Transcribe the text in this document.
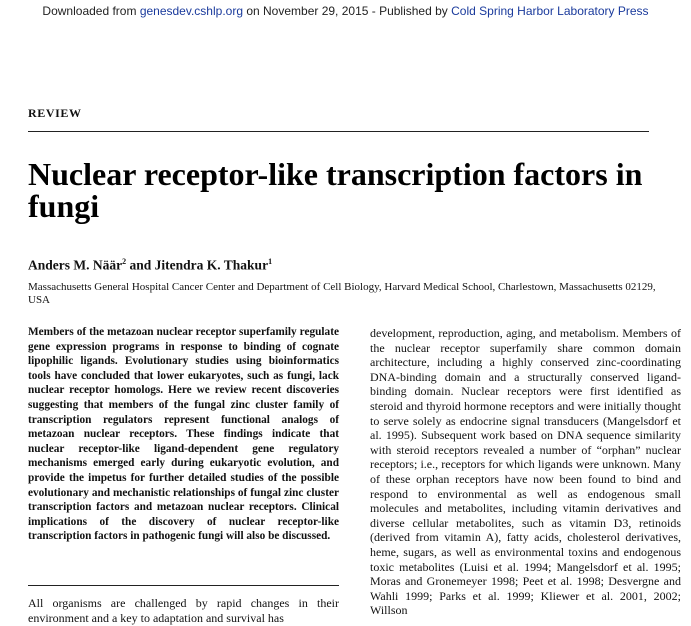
Downloaded from genesdev.cshlp.org on November 29, 2015 - Published by Cold Spring Harbor Laboratory Press
REVIEW
Nuclear receptor-like transcription factors in fungi
Anders M. Näär$^2$ and Jitendra K. Thakur$^1$
Massachusetts General Hospital Cancer Center and Department of Cell Biology, Harvard Medical School, Charlestown, Massachusetts 02129, USA

Members of the metazoan nuclear receptor superfamily regulate gene expression programs in response to binding of cognate lipophilic ligands. Evolutionary studies using bioinformatics tools have concluded that lower eukaryotes, such as fungi, lack nuclear receptor homologs. Here we review recent discoveries suggesting that members of the fungal zinc cluster family of transcription regulators represent functional analogs of metazoan nuclear receptors. These findings indicate that nuclear receptor-like ligand-dependent gene regulatory mechanisms emerged early during eukaryotic evolution, and provide the impetus for further detailed studies of the possible evolutionary and mechanistic relationships of fungal zinc cluster transcription factors and metazoan nuclear receptors. Clinical implications of the discovery of nuclear receptor-like transcription factors in pathogenic fungi will also be discussed.

All organisms are challenged by rapid changes in their environment and a key to adaptation and survival has

development, reproduction, aging, and metabolism. Members of the nuclear receptor superfamily share common domain architecture, including a highly conserved zinc-coordinating DNA-binding domain and a structurally conserved ligand-binding domain. Nuclear receptors were first identified as steroid and thyroid hormone receptors and were initially thought to serve solely as endocrine signal transducers (Mangelsdorf et al. 1995). Subsequent work based on DNA sequence similarity with steroid receptors revealed a number of “orphan” nuclear receptors; i.e., receptors for which ligands were unknown. Many of these orphan receptors have now been found to bind and respond to environmental as well as endogenous small molecules and metabolites, including vitamin derivatives and diverse cellular metabolites, such as vitamin D3, retinoids (derived from vitamin A), fatty acids, cholesterol derivatives, heme, sugars, as well as environmental toxins and endogenous toxic metabolites (Luisi et al. 1994; Mangelsdorf et al. 1995; Moras and Gronemeyer 1998; Peet et al. 1998; Desvergne and Wahli 1999; Parks et al. 1999; Kliewer et al. 2001, 2002; Willson
